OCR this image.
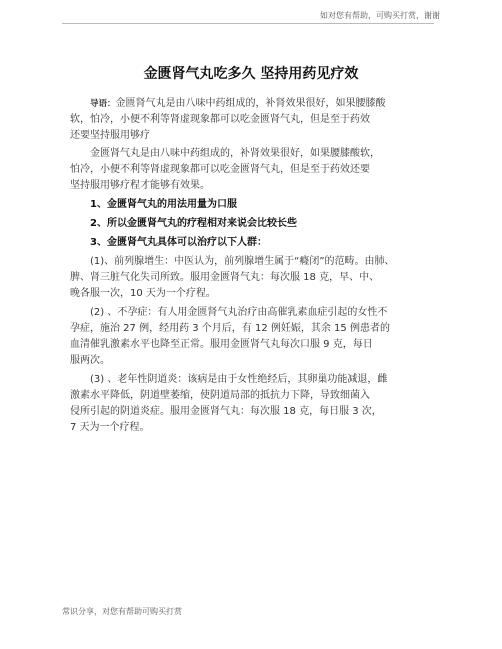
如对您有帮助，可购买打赏，谢谢
金匮肾气丸吃多久 坚持用药见疗效
导语：金匮肾气丸是由八味中药组成的，补肾效果很好，如果腰膝酸
软，怕冷，小便不利等肾虚现象都可以吃金匮肾气丸，但是至于药效
还要坚持服用够疗
金匮肾气丸是由八味中药组成的，补肾效果很好，如果腰膝酸软，
怕冷，小便不利等肾虚现象都可以吃金匮肾气丸，但是至于药效还要
坚持服用够疗程才能够有效果。
1、金匮肾气丸的用法用量为口服
2、所以金匮肾气丸的疗程相对来说会比较长些
3、金匮肾气丸具体可以治疗以下人群：
(1)、前列腺增生：中医认为，前列腺增生属于“癃闭”的范畴。由肺、
脾、肾三脏气化失司所致。服用金匮肾气丸：每次服 18 克，早、中、
晚各服一次，10 天为一个疗程。
(2) 、不孕症：有人用金匮肾气丸治疗由高催乳素血症引起的女性不
孕症，施治 27 例，经用药 3 个月后，有 12 例妊娠，其余 15 例患者的
血清催乳激素水平也降至正常。服用金匮肾气丸每次口服 9 克，每日
服两次。
(3) 、老年性阴道炎：该病是由于女性绝经后，其卵巢功能减退，雌
激素水平降低，阴道壁萎缩，使阴道局部的抵抗力下降，导致细菌入
侵所引起的阴道炎症。服用金匮肾气丸：每次服 18 克，每日服 3 次，
7 天为一个疗程。
常识分享，对您有帮助可购买打赏
